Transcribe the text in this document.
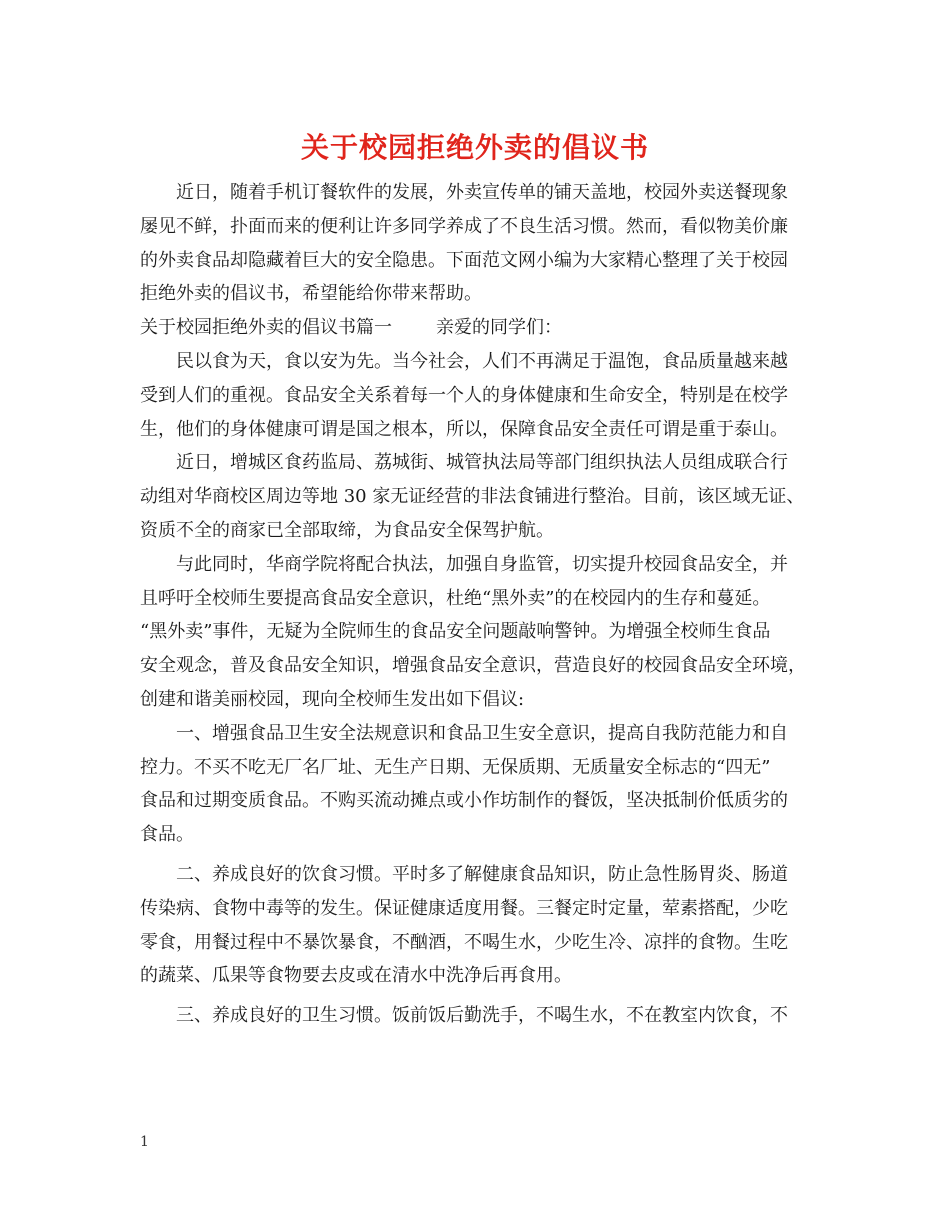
关于校园拒绝外卖的倡议书
近日，随着手机订餐软件的发展，外卖宣传单的铺天盖地，校园外卖送餐现象
屡见不鲜，扑面而来的便利让许多同学养成了不良生活习惯。然而，看似物美价廉
的外卖食品却隐藏着巨大的安全隐患。下面范文网小编为大家精心整理了关于校园
拒绝外卖的倡议书，希望能给你带来帮助。
关于校园拒绝外卖的倡议书篇一 亲爱的同学们：
民以食为天，食以安为先。当今社会，人们不再满足于温饱，食品质量越来越
受到人们的重视。食品安全关系着每一个人的身体健康和生命安全，特别是在校学
生，他们的身体健康可谓是国之根本，所以，保障食品安全责任可谓是重于泰山。
近日，增城区食药监局、荔城街、城管执法局等部门组织执法人员组成联合行
动组对华商校区周边等地 30 家无证经营的非法食铺进行整治。目前，该区域无证、
资质不全的商家已全部取缔，为食品安全保驾护航。
与此同时，华商学院将配合执法，加强自身监管，切实提升校园食品安全，并
且呼吁全校师生要提高食品安全意识，杜绝“黑外卖”的在校园内的生存和蔓延。
“黑外卖”事件，无疑为全院师生的食品安全问题敲响警钟。为增强全校师生食品
安全观念，普及食品安全知识，增强食品安全意识，营造良好的校园食品安全环境，
创建和谐美丽校园，现向全校师生发出如下倡议:
一、增强食品卫生安全法规意识和食品卫生安全意识，提高自我防范能力和自
控力。不买不吃无厂名厂址、无生产日期、无保质期、无质量安全标志的“四无”
食品和过期变质食品。不购买流动摊点或小作坊制作的餐饭，坚决抵制价低质劣的
食品。
二、养成良好的饮食习惯。平时多了解健康食品知识，防止急性肠胃炎、肠道
传染病、食物中毒等的发生。保证健康适度用餐。三餐定时定量，荤素搭配，少吃
零食，用餐过程中不暴饮暴食，不酗酒，不喝生水，少吃生冷、凉拌的食物。生吃
的蔬菜、瓜果等食物要去皮或在清水中洗净后再食用。
三、养成良好的卫生习惯。饭前饭后勤洗手，不喝生水，不在教室内饮食，不
1
